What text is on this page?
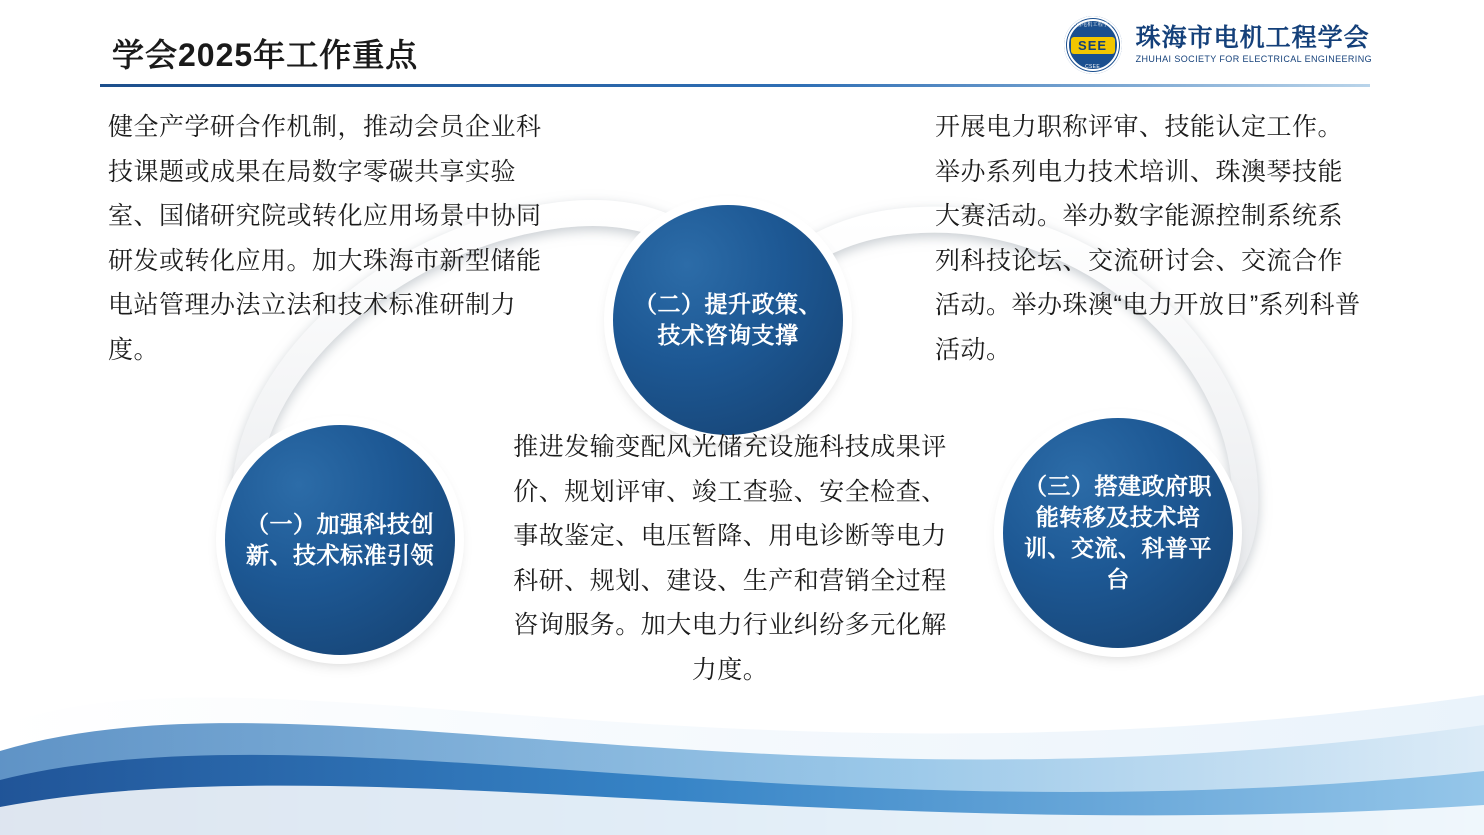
学会2025年工作重点
中国电机工程学会
SEE
CSEE
珠海市电机工程学会
ZHUHAI SOCIETY FOR ELECTRICAL ENGINEERING
（一）加强科技创新、技术标准引领
（二）提升政策、技术咨询支撑
（三）搭建政府职能转移及技术培训、交流、科普平台
健全产学研合作机制，推动会员企业科技课题或成果在局数字零碳共享实验室、国储研究院或转化应用场景中协同研发或转化应用。加大珠海市新型储能电站管理办法立法和技术标准研制力度。
推进发输变配风光储充设施科技成果评价、规划评审、竣工查验、安全检查、事故鉴定、电压暂降、用电诊断等电力科研、规划、建设、生产和营销全过程咨询服务。加大电力行业纠纷多元化解力度。
开展电力职称评审、技能认定工作。举办系列电力技术培训、珠澳琴技能大赛活动。举办数字能源控制系统系列科技论坛、交流研讨会、交流合作活动。举办珠澳“电力开放日”系列科普活动。
